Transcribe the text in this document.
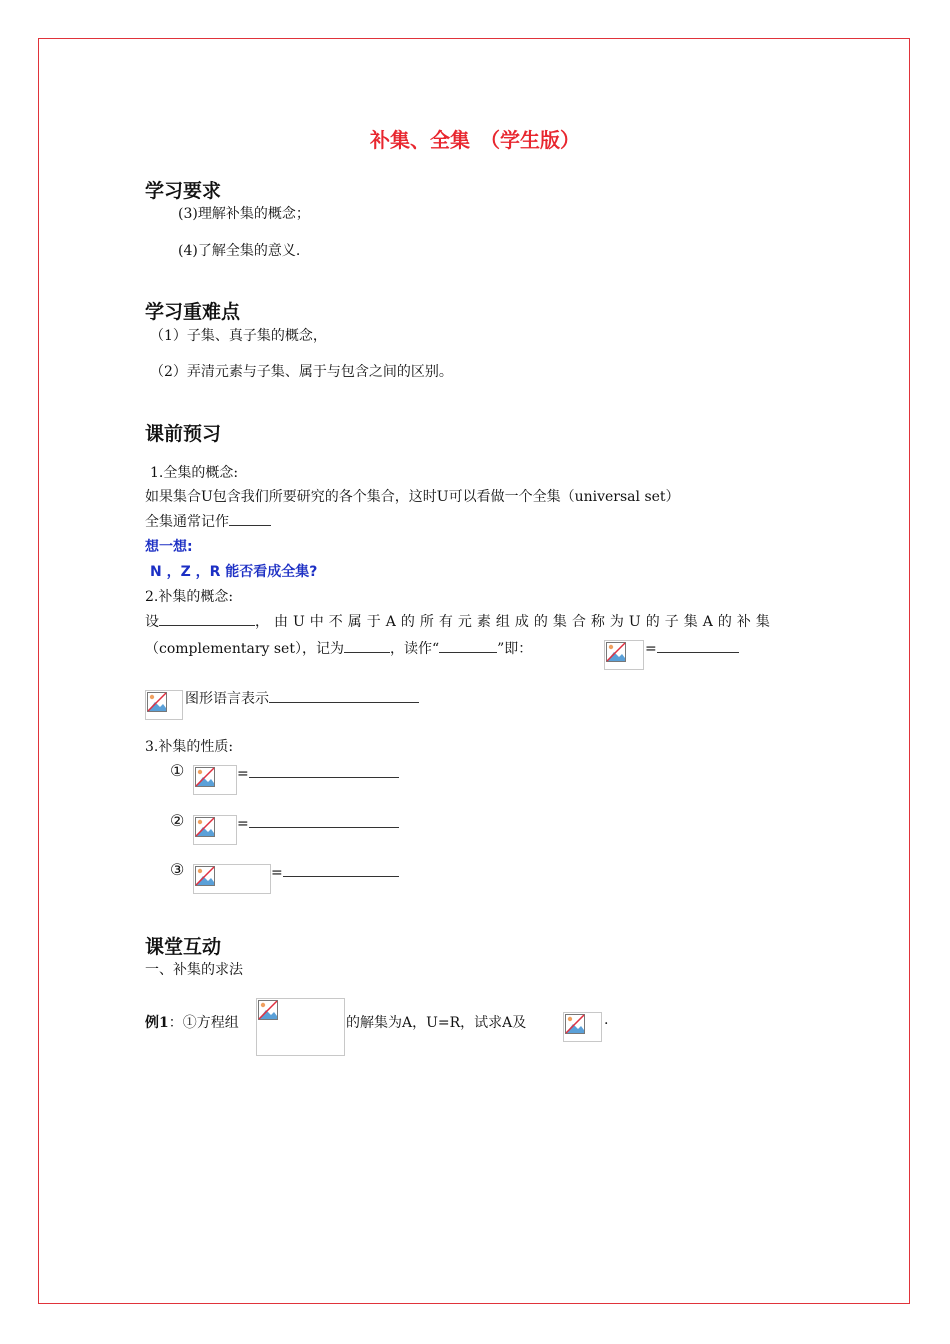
补集、全集　（学生版）
学习要求
(3)理解补集的概念；
(4)了解全集的意义.
学习重难点
（1）子集、真子集的概念，
（2）弄清元素与子集、属于与包含之间的区别。
课前预习
1.全集的概念:
如果集合U包含我们所要研究的各个集合，这时U可以看做一个全集（universal set）
全集通常记作
想一想:
N ，Z ，R 能否看成全集?
2.补集的概念:
设	，由U中不属于A的所有元素组成的集合称为U的子集A的补集
（complementary set），记为	，读作“	”即：	=
图形语言表示
3.补集的性质:
①	=
②	=
③	=
课堂互动
一、补集的求法
例1：①方程组	的解集为A，U=R，试求A及	.
